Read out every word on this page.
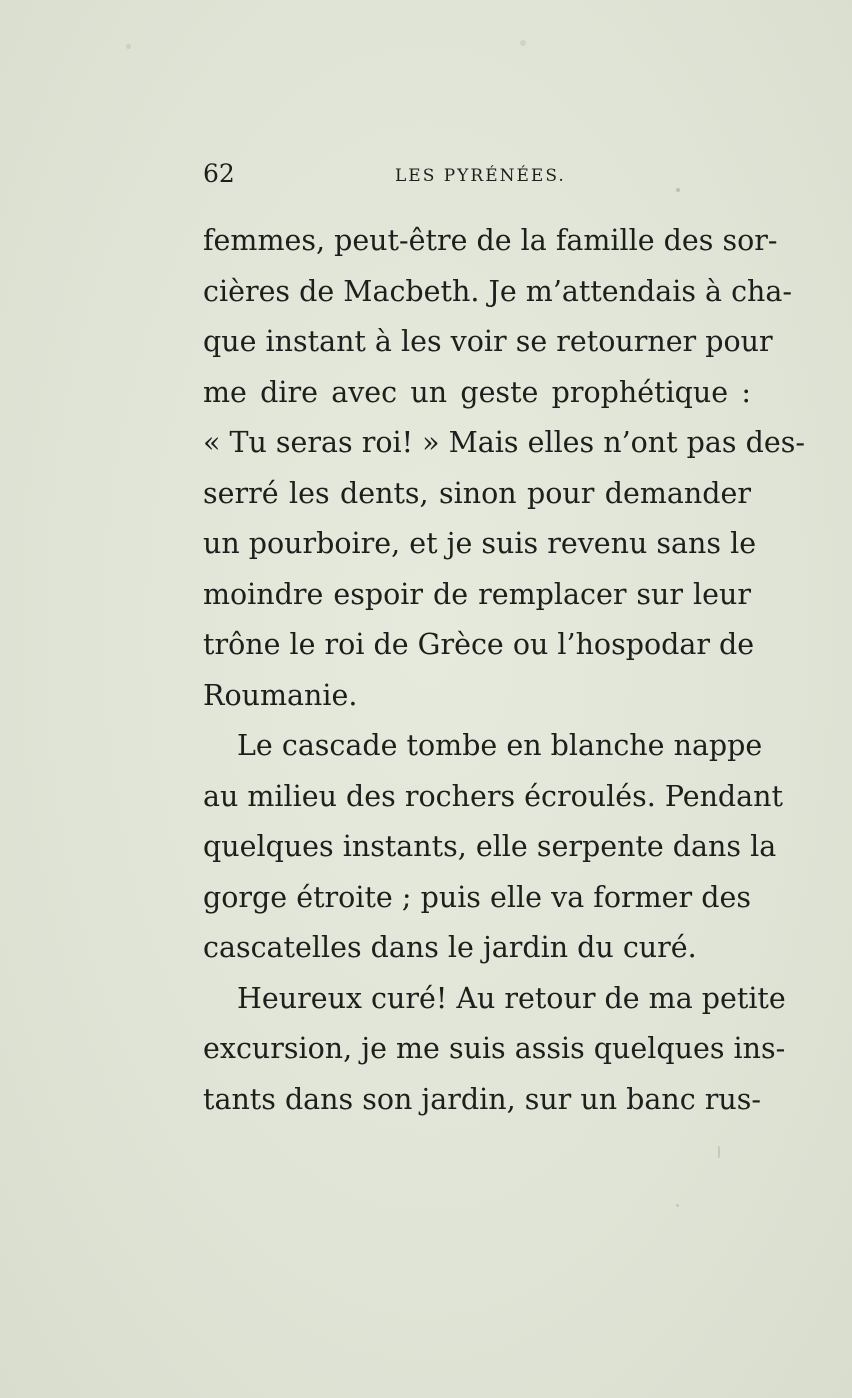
62	LES PYRÉNÉES.
femmes, peut-être de la famille des sor-
cières de Macbeth. Je m’attendais à cha-
que instant à les voir se retourner pour
me dire avec un geste prophétique :
« Tu seras roi! » Mais elles n’ont pas des-
serré les dents, sinon pour demander
un pourboire, et je suis revenu sans le
moindre espoir de remplacer sur leur
trône le roi de Grèce ou l’hospodar de
Roumanie.
Le cascade tombe en blanche nappe
au milieu des rochers écroulés. Pendant
quelques instants, elle serpente dans la
gorge étroite ; puis elle va former des
cascatelles dans le jardin du curé.
Heureux curé! Au retour de ma petite
excursion, je me suis assis quelques ins-
tants dans son jardin, sur un banc rus-
